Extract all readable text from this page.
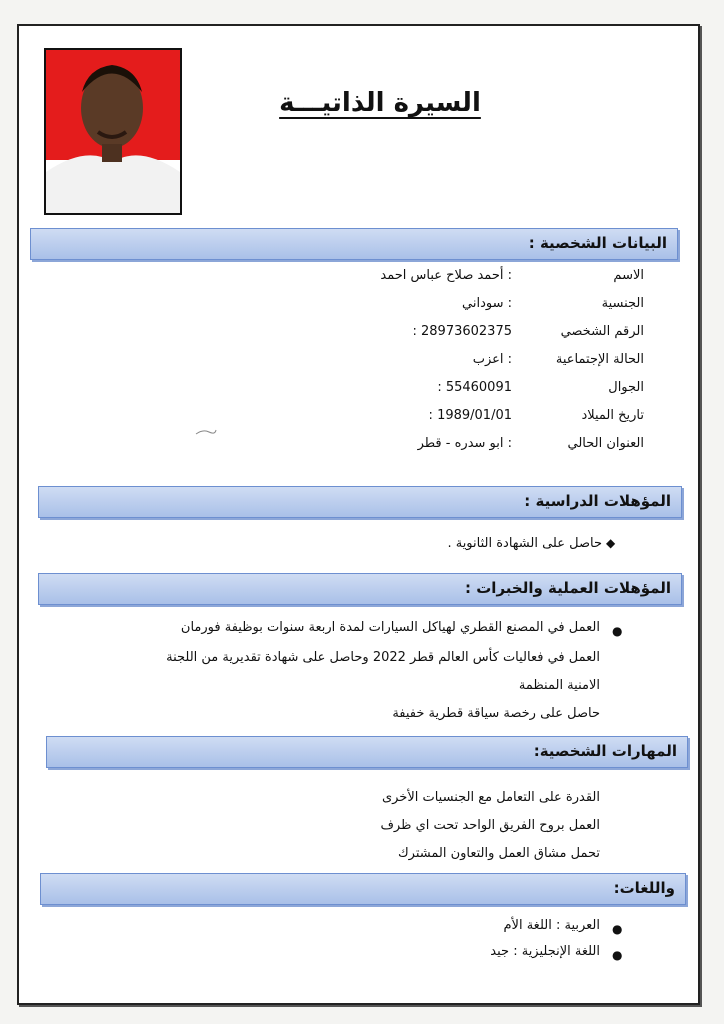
السيرة الذاتيـــة
البيانات الشخصية :
الاسم
: أحمد صلاح عباس احمد
الجنسية
: سوداني
الرقم الشخصي
28973602375 :
الحالة الإجتماعية
: اعزب
الجوال
55460091 :
تاريخ الميلاد
1989/01/01 :
العنوان الحالي
: ابو سدره - قطر
المؤهلات الدراسية :
حاصل على الشهادة الثانوية . ◆
المؤهلات العملية والخبرات :
●
العمل في المصنع القطري لهياكل السيارات لمدة اربعة سنوات بوظيفة فورمان
العمل في فعاليات كأس العالم قطر 2022 وحاصل على شهادة تقديرية من اللجنة
الامنية المنظمة
حاصل على رخصة سياقة قطرية خفيفة
المهارات الشخصية:
القدرة على التعامل مع الجنسيات الأخرى
العمل بروح الفريق الواحد تحت اي ظرف
تحمل مشاق العمل والتعاون المشترك
واللغات:
●
العربية : اللغة الأم
●
اللغة الإنجليزية : جيد
